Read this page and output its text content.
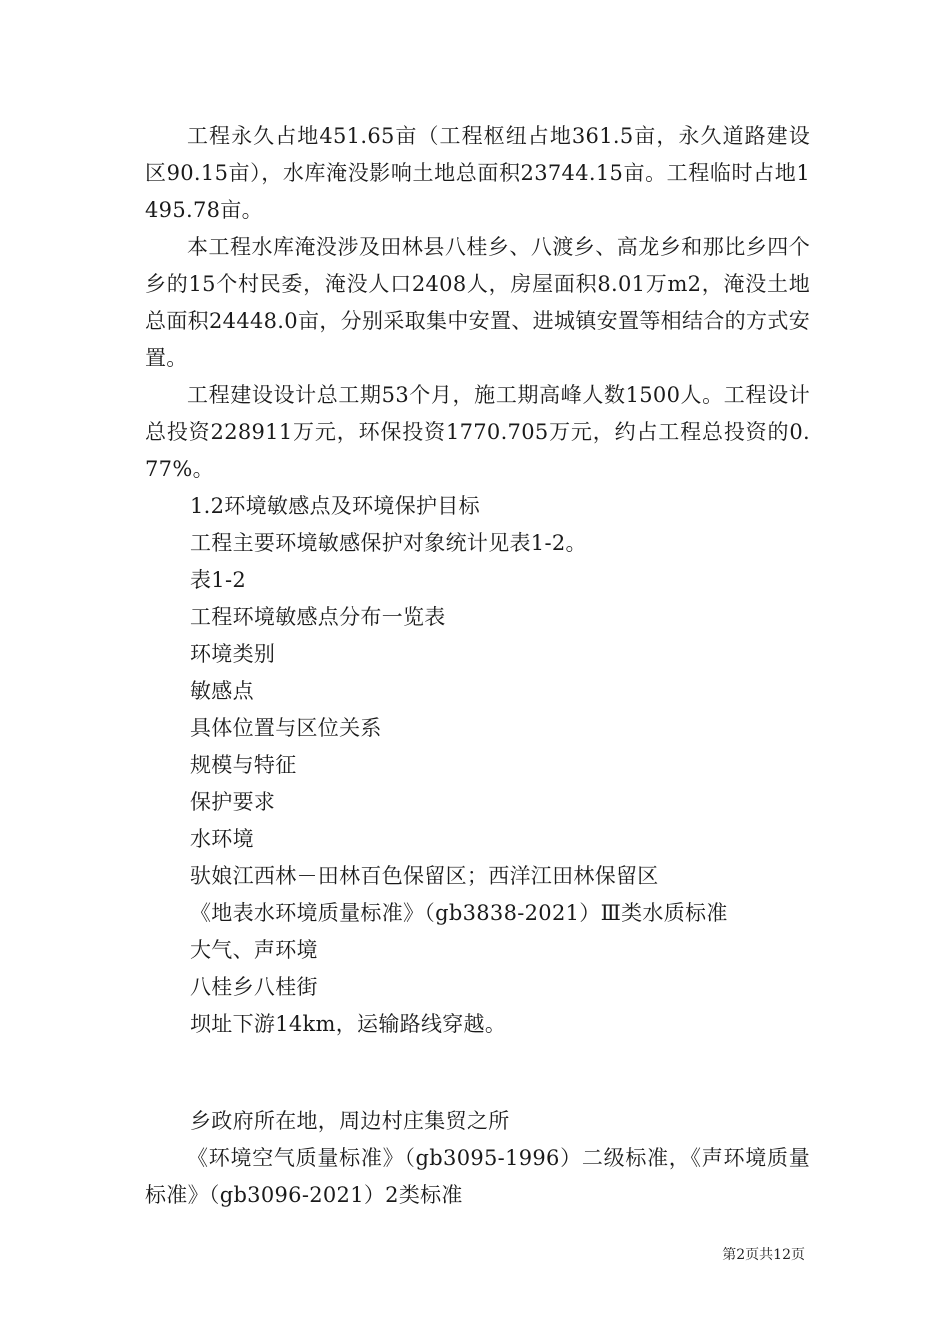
工程永久占地451.65亩（工程枢纽占地361.5亩，永久道路建设区90.15亩），水库淹没影响土地总面积23744.15亩。工程临时占地1495.78亩。

本工程水库淹没涉及田林县八桂乡、八渡乡、高龙乡和那比乡四个乡的15个村民委，淹没人口2408人，房屋面积8.01万m2，淹没土地总面积24448.0亩，分别采取集中安置、进城镇安置等相结合的方式安置。

工程建设设计总工期53个月，施工期高峰人数1500人。工程设计总投资228911万元，环保投资1770.705万元，约占工程总投资的0.77%。

1.2环境敏感点及环境保护目标

工程主要环境敏感保护对象统计见表1-2。

表1-2

工程环境敏感点分布一览表

环境类别

敏感点

具体位置与区位关系

规模与特征

保护要求

水环境

驮娘江西林－田林百色保留区；西洋江田林保留区

《地表水环境质量标准》（gb3838-2021）Ⅲ类水质标准

大气、声环境

八桂乡八桂街

坝址下游14km，运输路线穿越。

乡政府所在地，周边村庄集贸之所

《环境空气质量标准》（gb3095-1996）二级标准，《声环境质量标准》（gb3096-2021）2类标准

第2页共12页
